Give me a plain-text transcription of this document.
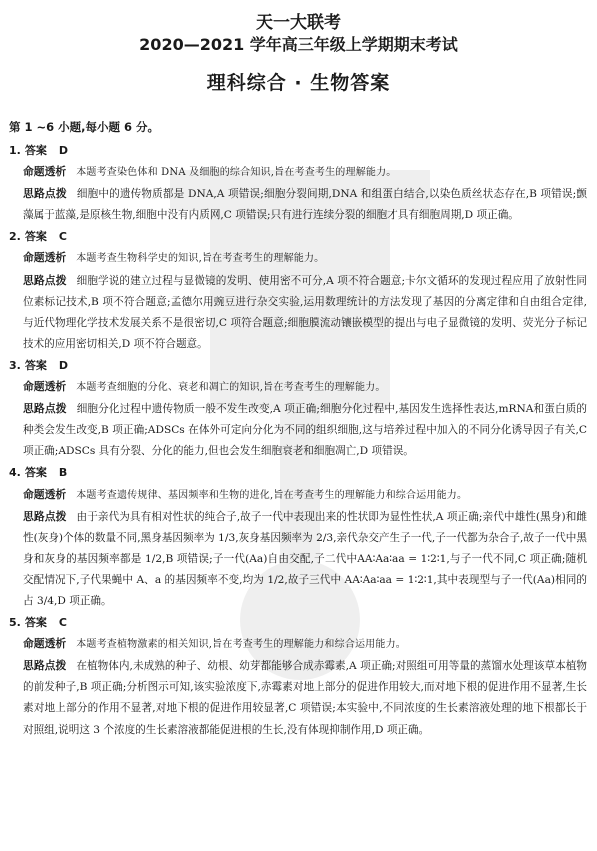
天一大联考
2020—2021 学年高三年级上学期期末考试
理科综合 · 生物答案
第 1 ~6 小题,每小题 6 分。
1. 答案 D
命题透析 本题考查染色体和 DNA 及细胞的综合知识,旨在考查考生的理解能力。
思路点拨 细胞中的遗传物质都是 DNA,A 项错误;细胞分裂间期,DNA 和组蛋白结合,以染色质丝状态存在,B 项错误;颤藻属于蓝藻,是原核生物,细胞中没有内质网,C 项错误;只有进行连续分裂的细胞才具有细胞周期,D 项正确。
2. 答案 C
命题透析 本题考查生物科学史的知识,旨在考查考生的理解能力。
思路点拨 细胞学说的建立过程与显微镜的发明、使用密不可分,A 项不符合题意;卡尔文循环的发现过程应用了放射性同位素标记技术,B 项不符合题意;孟德尔用豌豆进行杂交实验,运用数理统计的方法发现了基因的分离定律和自由组合定律,与近代物理化学技术发展关系不是很密切,C 项符合题意;细胞膜流动镶嵌模型的提出与电子显微镜的发明、荧光分子标记技术的应用密切相关,D 项不符合题意。
3. 答案 D
命题透析 本题考查细胞的分化、衰老和凋亡的知识,旨在考查考生的理解能力。
思路点拨 细胞分化过程中遗传物质一般不发生改变,A 项正确;细胞分化过程中,基因发生选择性表达,mRNA和蛋白质的种类会发生改变,B 项正确;ADSCs 在体外可定向分化为不同的组织细胞,这与培养过程中加入的不同分化诱导因子有关,C 项正确;ADSCs 具有分裂、分化的能力,但也会发生细胞衰老和细胞凋亡,D 项错误。
4. 答案 B
命题透析 本题考查遗传规律、基因频率和生物的进化,旨在考查考生的理解能力和综合运用能力。
思路点拨 由于亲代为具有相对性状的纯合子,故子一代中表现出来的性状即为显性性状,A 项正确;亲代中雄性(黑身)和雌性(灰身)个体的数量不同,黑身基因频率为 1/3,灰身基因频率为 2/3,亲代杂交产生子一代,子一代都为杂合子,故子一代中黑身和灰身的基因频率都是 1/2,B 项错误;子一代(Aa)自由交配,子二代中AA∶Aa∶aa = 1∶2∶1,与子一代不同,C 项正确;随机交配情况下,子代果蝇中 A、a 的基因频率不变,均为 1/2,故子三代中 AA∶Aa∶aa = 1∶2∶1,其中表现型与子一代(Aa)相同的占 3/4,D 项正确。
5. 答案 C
命题透析 本题考查植物激素的相关知识,旨在考查考生的理解能力和综合运用能力。
思路点拨 在植物体内,未成熟的种子、幼根、幼芽都能够合成赤霉素,A 项正确;对照组可用等量的蒸馏水处理该草本植物的前发种子,B 项正确;分析图示可知,该实验浓度下,赤霉素对地上部分的促进作用较大,而对地下根的促进作用不显著,生长素对地上部分的作用不显著,对地下根的促进作用较显著,C 项错误;本实验中,不同浓度的生长素溶液处理的地下根都长于对照组,说明这 3 个浓度的生长素溶液都能促进根的生长,没有体现抑制作用,D 项正确。
